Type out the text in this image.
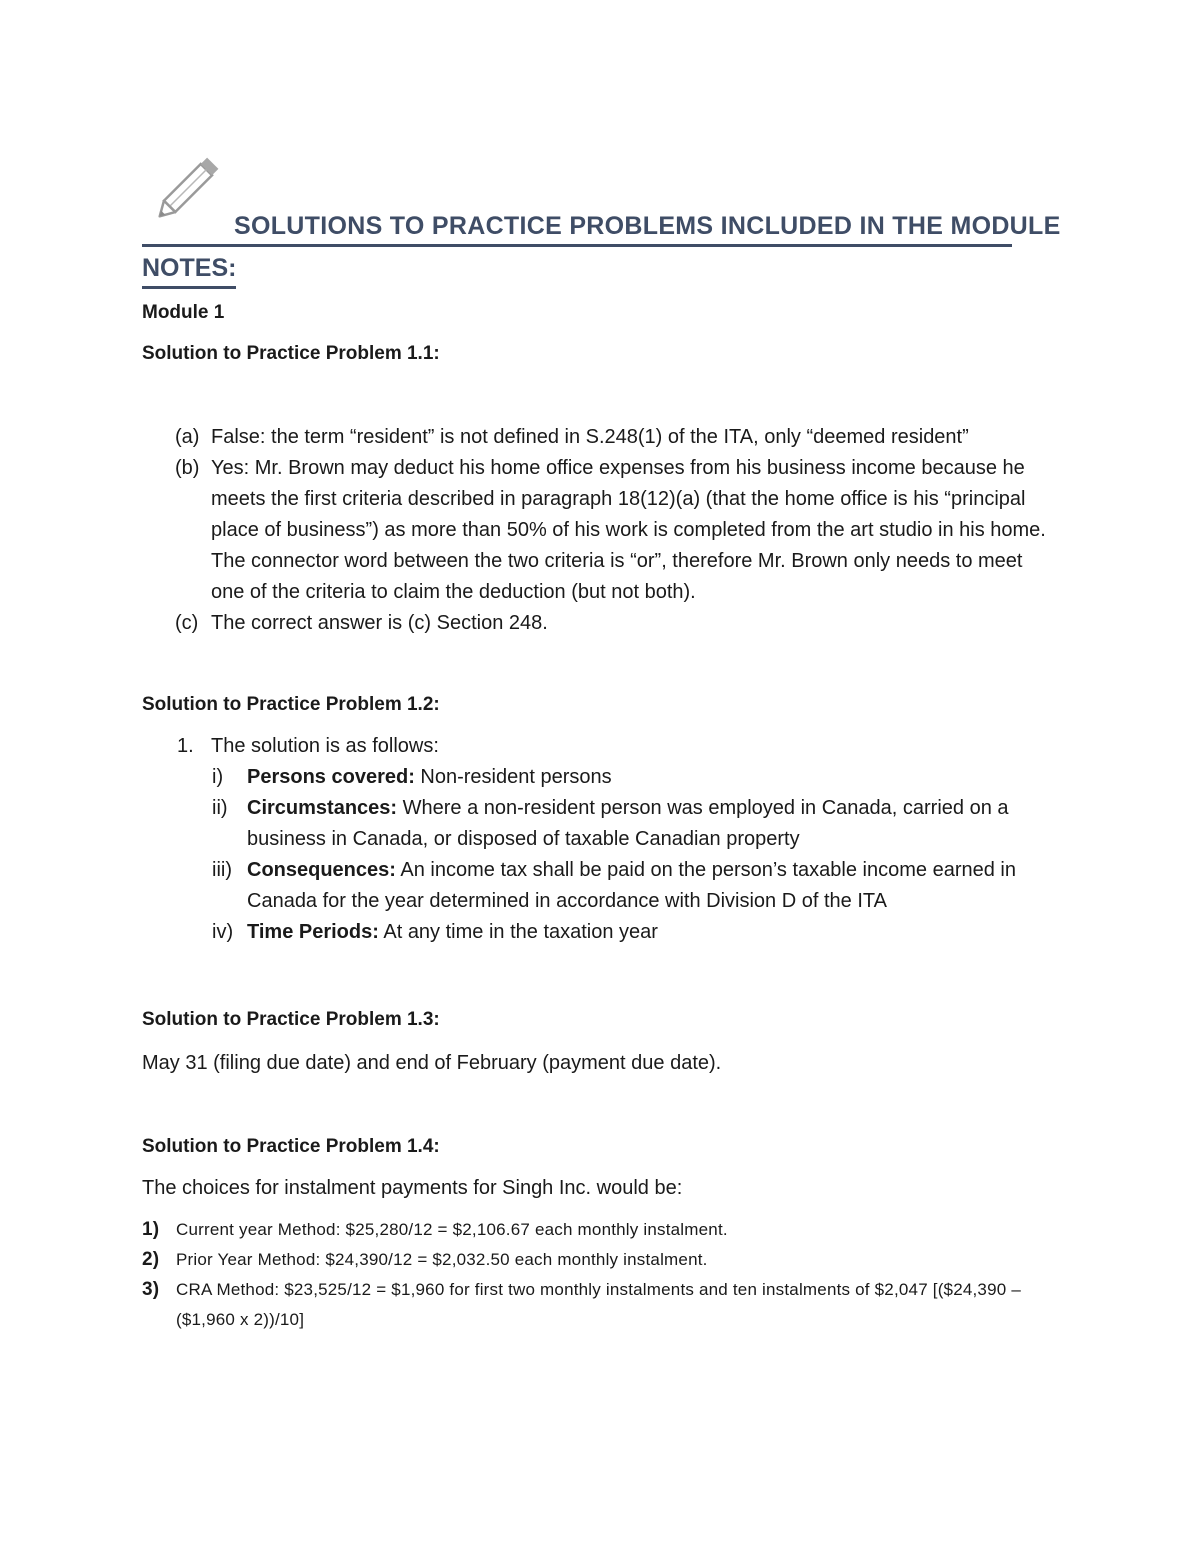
SOLUTIONS TO PRACTICE PROBLEMS INCLUDED IN THE MODULE
NOTES:
Module 1
Solution to Practice Problem 1.1:
(a) False: the term “resident” is not defined in S.248(1) of the ITA, only “deemed resident”
(b) Yes: Mr. Brown may deduct his home office expenses from his business income because he meets the first criteria described in paragraph 18(12)(a) (that the home office is his “principal place of business”) as more than 50% of his work is completed from the art studio in his home. The connector word between the two criteria is “or”, therefore Mr. Brown only needs to meet one of the criteria to claim the deduction (but not both).
(c) The correct answer is (c) Section 248.
Solution to Practice Problem 1.2:
1. The solution is as follows:
i) Persons covered: Non-resident persons
ii) Circumstances: Where a non-resident person was employed in Canada, carried on a business in Canada, or disposed of taxable Canadian property
iii) Consequences: An income tax shall be paid on the person’s taxable income earned in Canada for the year determined in accordance with Division D of the ITA
iv) Time Periods: At any time in the taxation year
Solution to Practice Problem 1.3:
May 31 (filing due date) and end of February (payment due date).
Solution to Practice Problem 1.4:
The choices for instalment payments for Singh Inc. would be:
1) Current year Method: $25,280/12 = $2,106.67 each monthly instalment.
2) Prior Year Method: $24,390/12 = $2,032.50 each monthly instalment.
3) CRA Method: $23,525/12 = $1,960 for first two monthly instalments and ten instalments of $2,047 [($24,390 – ($1,960 x 2))/10]
